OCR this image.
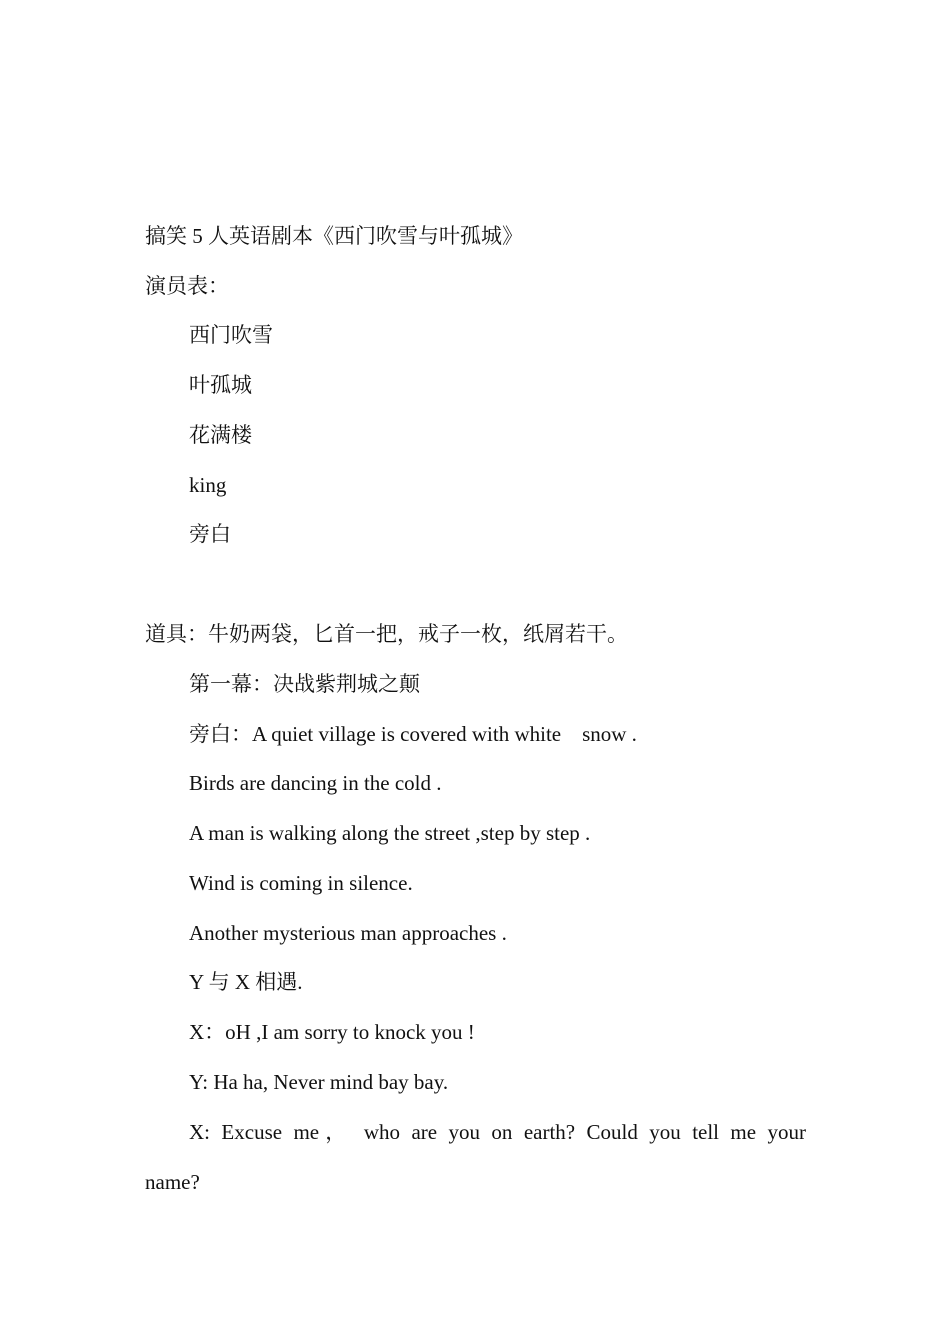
搞笑 5 人英语剧本《西门吹雪与叶孤城》
演员表：
西门吹雪
叶孤城
花满楼
king
旁白
道具：牛奶两袋，匕首一把，戒子一枚，纸屑若干。
第一幕：决战紫荆城之颠
旁白：A quiet village is covered with white    snow .
Birds are dancing in the cold .
A man is walking along the street ,step by step .
Wind is coming in silence.
Another mysterious man approaches .
Y 与 X 相遇.
X：oH ,I am sorry to knock you !
Y: Ha ha, Never mind bay bay.
X: Excuse me， who are you on earth? Could you tell me your
name?
